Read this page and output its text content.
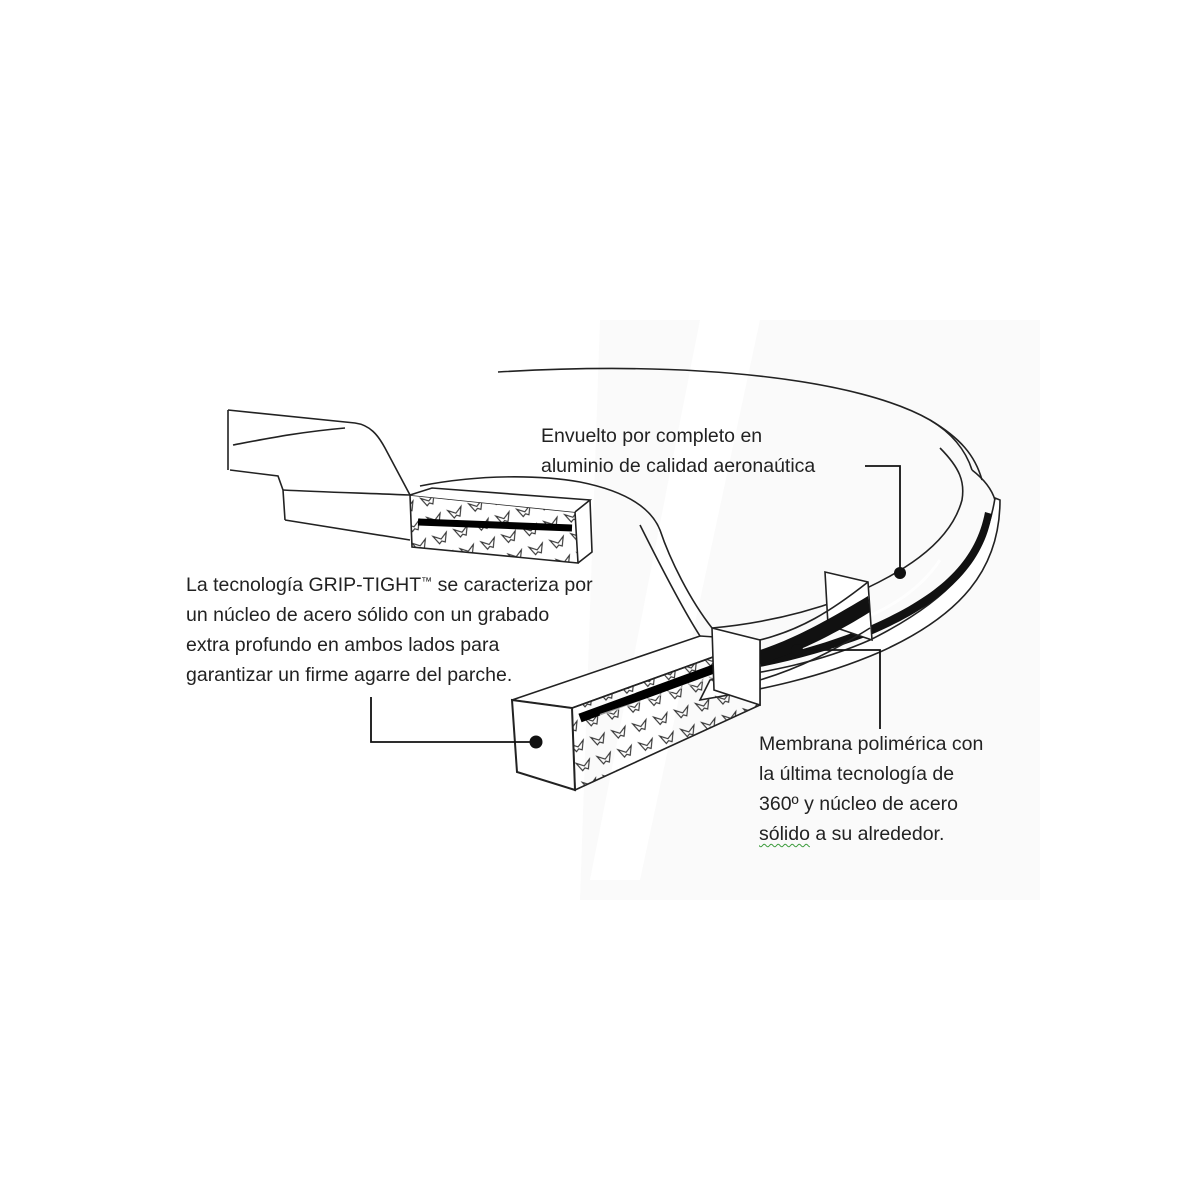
Envuelto por completo en
aluminio de calidad aeronaútica
La tecnología GRIP-TIGHT™ se caracteriza por
un núcleo de acero sólido con un grabado
extra profundo en ambos lados para
garantizar un firme agarre del parche.
Membrana polimérica con
la última tecnología de
360º y núcleo de acero
sólido a su alrededor.
